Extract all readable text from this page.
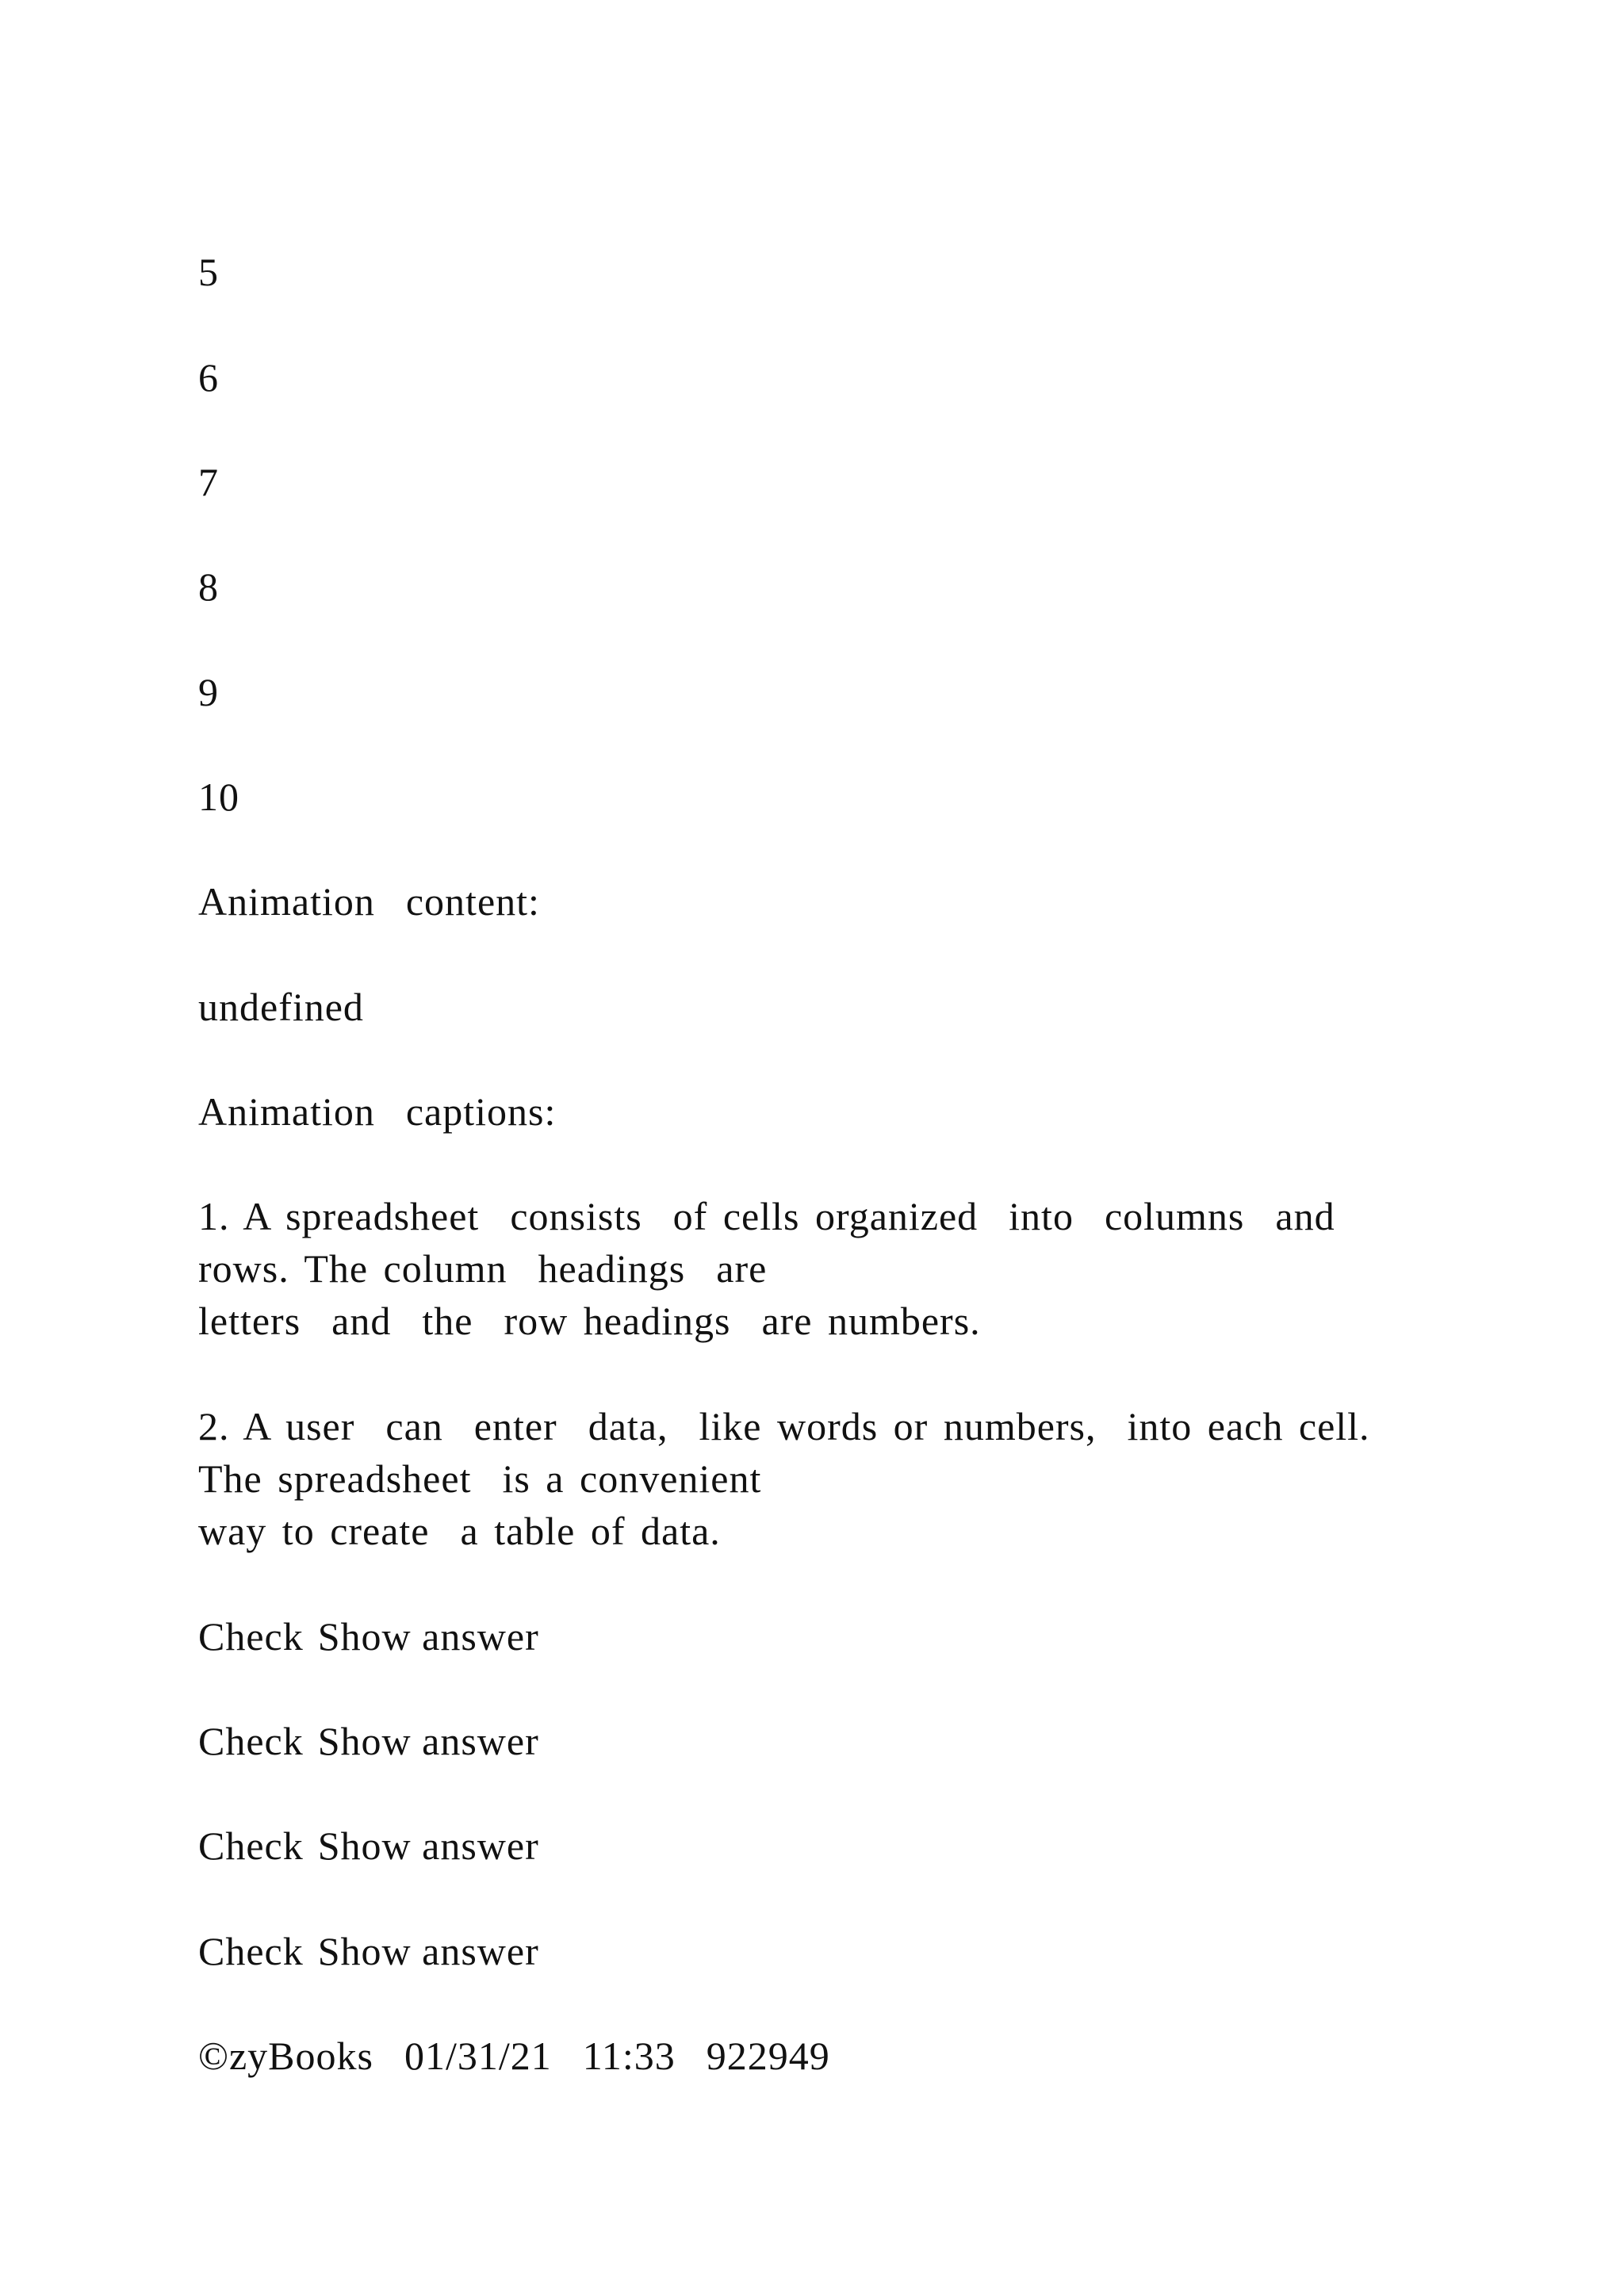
5
6
7
8
9
10
Animation  content:
undefined
Animation  captions:
1. A spreadsheet  consists  of cells organized  into  columns  and
rows. The column  headings  are
letters  and  the  row headings  are numbers.
2. A user  can  enter  data,  like words or numbers,  into each cell.
The spreadsheet  is a convenient
way to create  a table of data.
Check Show answer
Check Show answer
Check Show answer
Check Show answer
©zyBooks  01/31/21  11:33  922949
